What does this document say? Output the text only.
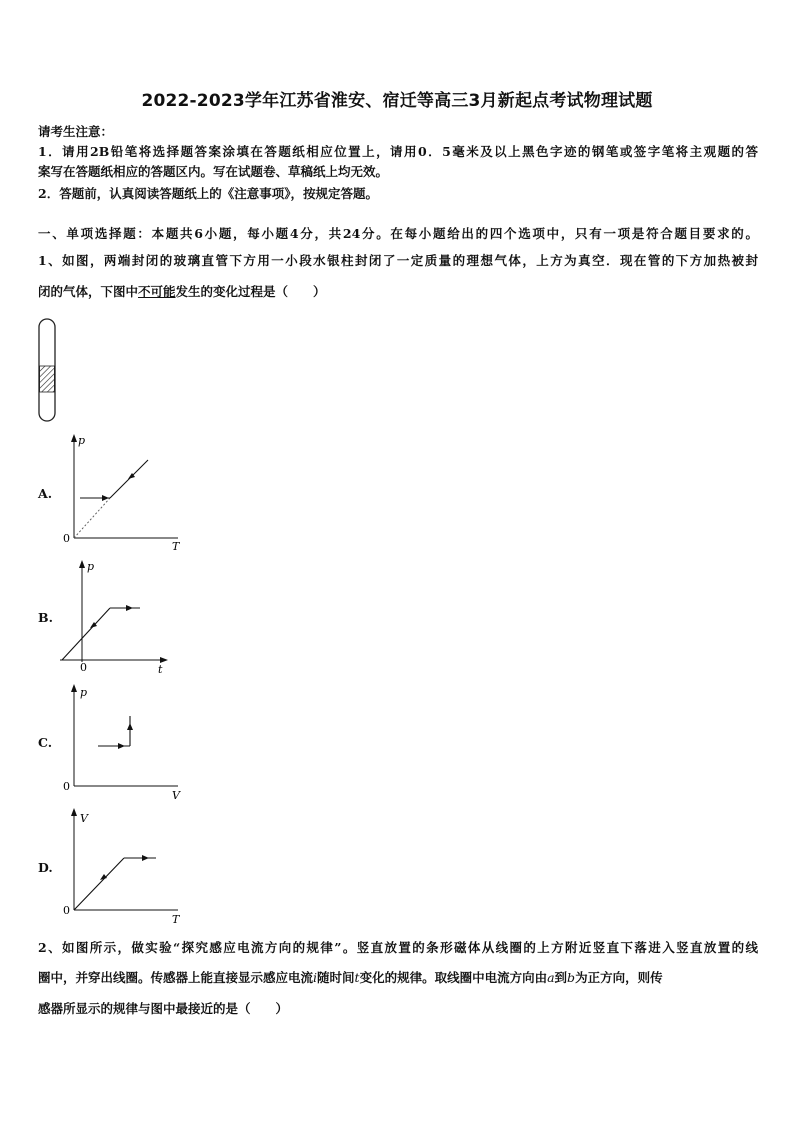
2022-2023学年江苏省淮安、宿迁等高三3月新起点考试物理试题
请考生注意：
1．请用2B铅笔将选择题答案涂填在答题纸相应位置上，请用0．5毫米及以上黑色字迹的钢笔或签字笔将主观题的答
案写在答题纸相应的答题区内。写在试题卷、草稿纸上均无效。
2．答题前，认真阅读答题纸上的《注意事项》，按规定答题。
一、单项选择题：本题共6小题，每小题4分，共24分。在每小题给出的四个选项中，只有一项是符合题目要求的。
1、如图，两端封闭的玻璃直管下方用一小段水银柱封闭了一定质量的理想气体，上方为真空．现在管的下方加热被封
闭的气体，下图中不可能发生的变化过程是（　　）
A.
p
T
0
B.
p
t
0
C.
p
V
0
D.
V
T
0
2、如图所示，做实验“探究感应电流方向的规律”。竖直放置的条形磁体从线圈的上方附近竖直下落进入竖直放置的线
圈中，并穿出线圈。传感器上能直接显示感应电流i随时间t变化的规律。取线圈中电流方向由a到b为正方向，则传
感器所显示的规律与图中最接近的是（　　）
